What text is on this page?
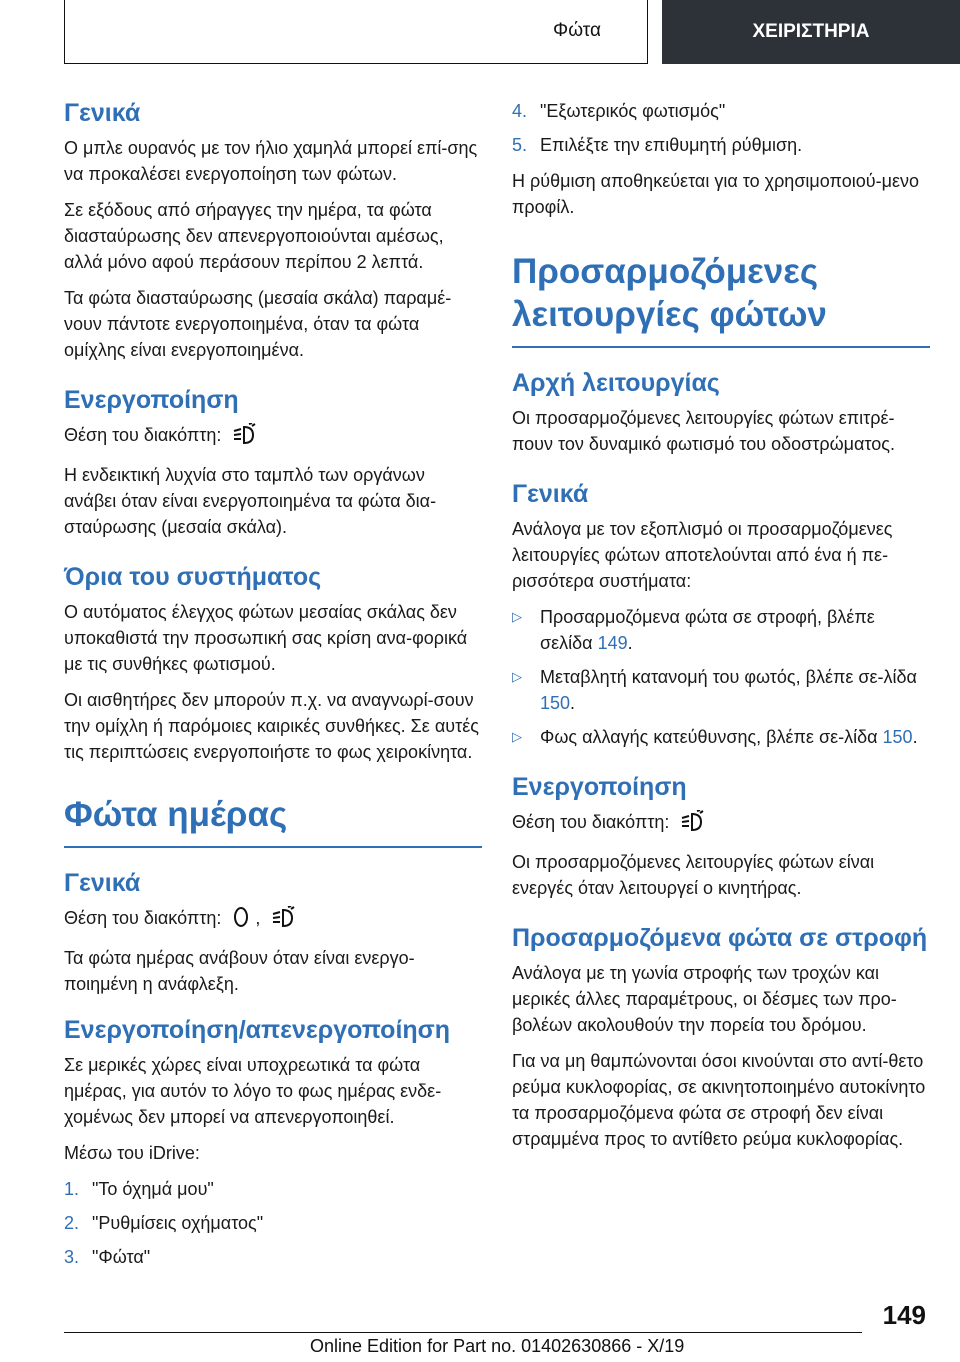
Φώτα	ΧΕΙΡΙΣΤΗΡΙΑ
Γενικά

Ο μπλε ουρανός με τον ήλιο χαμηλά μπορεί επί-σης να προκαλέσει ενεργοποίηση των φώτων.

Σε εξόδους από σήραγγες την ημέρα, τα φώτα διασταύρωσης δεν απενεργοποιούνται αμέσως, αλλά μόνο αφού περάσουν περίπου 2 λεπτά.

Τα φώτα διασταύρωσης (μεσαία σκάλα) παραμέ-νουν πάντοτε ενεργοποιημένα, όταν τα φώτα ομίχλης είναι ενεργοποιημένα.

Ενεργοποίηση

Θέση του διακόπτη:

Η ενδεικτική λυχνία στο ταμπλό των οργάνων ανάβει όταν είναι ενεργοποιημένα τα φώτα δια-σταύρωσης (μεσαία σκάλα).

Όρια του συστήματος

Ο αυτόματος έλεγχος φώτων μεσαίας σκάλας δεν υποκαθιστά την προσωπική σας κρίση ανα-φορικά με τις συνθήκες φωτισμού.

Οι αισθητήρες δεν μπορούν π.χ. να αναγνωρί-σουν την ομίχλη ή παρόμοιες καιρικές συνθήκες. Σε αυτές τις περιπτώσεις ενεργοποιήστε το φως χειροκίνητα.

Φώτα ημέρας
Γενικά

Θέση του διακόπτη: ,

Τα φώτα ημέρας ανάβουν όταν είναι ενεργο-ποιημένη η ανάφλεξη.

Ενεργοποίηση/απενεργοποίηση

Σε μερικές χώρες είναι υποχρεωτικά τα φώτα ημέρας, για αυτόν το λόγο το φως ημέρας ενδε-χομένως δεν μπορεί να απενεργοποιηθεί.

Μέσω του iDrive:

1. "Το όχημά μου"
2. "Ρυθμίσεις οχήματος"
3. "Φώτα"
4. "Εξωτερικός φωτισμός"
5. Επιλέξτε την επιθυμητή ρύθμιση.

Η ρύθμιση αποθηκεύεται για το χρησιμοποιού-μενο προφίλ.

Προσαρμοζόμενες λειτουργίες φώτων
Αρχή λειτουργίας

Οι προσαρμοζόμενες λειτουργίες φώτων επιτρέ-πουν τον δυναμικό φωτισμό του οδοστρώματος.

Γενικά

Ανάλογα με τον εξοπλισμό οι προσαρμοζόμενες λειτουργίες φώτων αποτελούνται από ένα ή πε-ρισσότερα συστήματα:

▷	Προσαρμοζόμενα φώτα σε στροφή, βλέπε σελίδα 149.
▷	Μεταβλητή κατανομή του φωτός, βλέπε σε-λίδα 150.
▷	Φως αλλαγής κατεύθυνσης, βλέπε σε-λίδα 150.
Ενεργοποίηση

Θέση του διακόπτη:

Οι προσαρμοζόμενες λειτουργίες φώτων είναι ενεργές όταν λειτουργεί ο κινητήρας.

Προσαρμοζόμενα φώτα σε στροφή

Ανάλογα με τη γωνία στροφής των τροχών και μερικές άλλες παραμέτρους, οι δέσμες των προ-βολέων ακολουθούν την πορεία του δρόμου.

Για να μη θαμπώνονται όσοι κινούνται στο αντί-θετο ρεύμα κυκλοφορίας, σε ακινητοποιημένο αυτοκίνητο τα προσαρμοζόμενα φώτα σε στροφή δεν είναι στραμμένα προς το αντίθετο ρεύμα κυκλοφορίας.

149
Online Edition for Part no. 01402630866 - X/19
